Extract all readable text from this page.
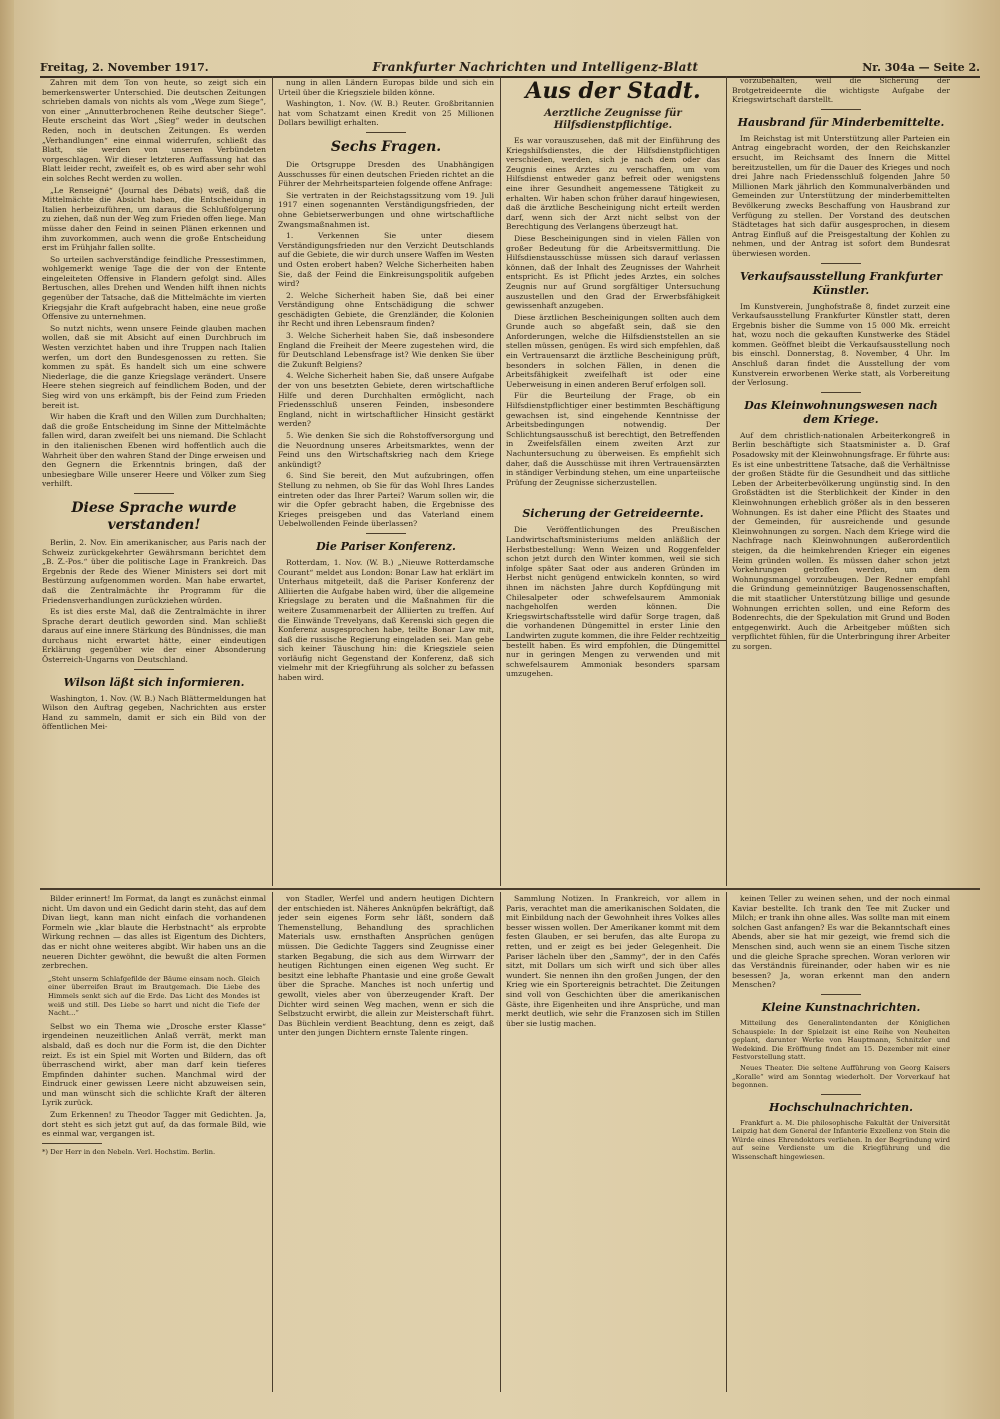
Freitag, 2. November 1917.	Frankfurter Nachrichten und Intelligenz-Blatt	Nr. 304a — Seite 2.

Zahren mit dem Ton von heute, so zeigt sich ein bemerkenswerter Unterschied. Die deutschen Zeitungen schrieben damals von nichts als vom „Wege zum Siege“, von einer „Annutterbrochenen Reihe deutscher Siege“. Heute erscheint das Wort „Sieg“ weder in deutschen Reden, noch in deutschen Zeitungen. Es werden „Verhandlungen“ eine einmal widerrufen, schließt das Blatt, sie werden von unseren Verbündeten vorgeschlagen. Wir dieser letzteren Auffassung hat das Blatt leider recht, zweifelt es, ob es wird aber sehr wohl ein solches Recht werden zu wollen.

„Le Renseigné“ (Journal des Débats) weiß, daß die Mittelmächte die Absicht haben, die Entscheidung in Italien herbeizuführen, um daraus die Schlußfolgerung zu ziehen, daß nun der Weg zum Frieden offen liege. Man müsse daher den Feind in seinen Plänen erkennen und ihm zuvorkommen, auch wenn die große Entscheidung erst im Frühjahr fallen sollte.

So urteilen sachverständige feindliche Pressestimmen, wohlgemerkt wenige Tage die der von der Entente eingeleiteten Offensive in Flandern gefolgt sind. Alles Bertuschen, alles Drehen und Wenden hilft ihnen nichts gegenüber der Tatsache, daß die Mittelmächte im vierten Kriegsjahr die Kraft aufgebracht haben, eine neue große Offensive zu unternehmen.

So nutzt nichts, wenn unsere Feinde glauben machen wollen, daß sie mit Absicht auf einen Durchbruch im Westen verzichtet haben und ihre Truppen nach Italien werfen, um dort den Bundesgenossen zu retten. Sie kommen zu spät. Es handelt sich um eine schwere Niederlage, die die ganze Kriegslage verändert. Unsere Heere stehen siegreich auf feindlichem Boden, und der Sieg wird von uns erkämpft, bis der Feind zum Frieden bereit ist.

Wir haben die Kraft und den Willen zum Durchhalten; daß die große Entscheidung im Sinne der Mittelmächte fallen wird, daran zweifelt bei uns niemand. Die Schlacht in den italienischen Ebenen wird hoffentlich auch die Wahrheit über den wahren Stand der Dinge erweisen und den Gegnern die Erkenntnis bringen, daß der unbesiegbare Wille unserer Heere und Völker zum Sieg verhilft.

Diese Sprache wurde verstanden!

Berlin, 2. Nov. Ein amerikanischer, aus Paris nach der Schweiz zurückgekehrter Gewährsmann berichtet dem „B. Z.-Pos.“ über die politische Lage in Frankreich. Das Ergebnis der Rede des Wiener Ministers sei dort mit Bestürzung aufgenommen worden. Man habe erwartet, daß die Zentralmächte ihr Programm für die Friedensverhandlungen zurückziehen würden.

Es ist dies erste Mal, daß die Zentralmächte in ihrer Sprache derart deutlich geworden sind. Man schließt daraus auf eine innere Stärkung des Bündnisses, die man durchaus nicht erwartet hätte, einer eindeutigen Erklärung gegenüber wie der einer Absonderung Österreich-Ungarns von Deutschland.

Wilson läßt sich informieren.

Washington, 1. Nov. (W. B.) Nach Blättermeldungen hat Wilson den Auftrag gegeben, Nachrichten aus erster Hand zu sammeln, damit er sich ein Bild von der öffentlichen Mei-

nung in allen Ländern Europas bilde und sich ein Urteil über die Kriegsziele bilden könne.

Washington, 1. Nov. (W. B.) Reuter. Großbritannien hat vom Schatzamt einen Kredit von 25 Millionen Dollars bewilligt erhalten.

Sechs Fragen.

Die Ortsgruppe Dresden des Unabhängigen Ausschusses für einen deutschen Frieden richtet an die Führer der Mehrheitsparteien folgende offene Anfrage:

Sie vertraten in der Reichstagssitzung vom 19. Juli 1917 einen sogenannten Verständigungsfrieden, der ohne Gebietserwerbungen und ohne wirtschaftliche Zwangsmaßnahmen ist.

1. Verkennen Sie unter diesem Verständigungsfrieden nur den Verzicht Deutschlands auf die Gebiete, die wir durch unsere Waffen im Westen und Osten erobert haben? Welche Sicherheiten haben Sie, daß der Feind die Einkreisungspolitik aufgeben wird?

2. Welche Sicherheit haben Sie, daß bei einer Verständigung ohne Entschädigung die schwer geschädigten Gebiete, die Grenzländer, die Kolonien ihr Recht und ihren Lebensraum finden?

3. Welche Sicherheit haben Sie, daß insbesondere England die Freiheit der Meere zugestehen wird, die für Deutschland Lebensfrage ist? Wie denken Sie über die Zukunft Belgiens?

4. Welche Sicherheit haben Sie, daß unsere Aufgabe der von uns besetzten Gebiete, deren wirtschaftliche Hilfe und deren Durchhalten ermöglicht, nach Friedensschluß unseren Feinden, insbesondere England, nicht in wirtschaftlicher Hinsicht gestärkt werden?

5. Wie denken Sie sich die Rohstoffversorgung und die Neuordnung unseres Arbeitsmarktes, wenn der Feind uns den Wirtschaftskrieg nach dem Kriege ankündigt?

6. Sind Sie bereit, den Mut aufzubringen, offen Stellung zu nehmen, ob Sie für das Wohl Ihres Landes eintreten oder das Ihrer Partei? Warum sollen wir, die wir die Opfer gebracht haben, die Ergebnisse des Krieges preisgeben und das Vaterland einem Uebelwollenden Feinde überlassen?

Die Pariser Konferenz.

Rotterdam, 1. Nov. (W. B.) „Nieuwe Rotterdamsche Courant“ meldet aus London: Bonar Law hat erklärt im Unterhaus mitgeteilt, daß die Pariser Konferenz der Alliierten die Aufgabe haben wird, über die allgemeine Kriegslage zu beraten und die Maßnahmen für die weitere Zusammenarbeit der Alliierten zu treffen. Auf die Einwände Trevelyans, daß Kerenski sich gegen die Konferenz ausgesprochen habe, teilte Bonar Law mit, daß die russische Regierung eingeladen sei. Man gebe sich keiner Täuschung hin: die Kriegsziele seien vorläufig nicht Gegenstand der Konferenz, daß sich vielmehr mit der Kriegführung als solcher zu befassen haben wird.

Aus der Stadt.
Aerztliche Zeugnisse für Hilfsdienstpflichtige.

Es war vorauszusehen, daß mit der Einführung des Kriegshilfsdienstes, die der Hilfsdienstpflichtigen verschieden, werden, sich je nach dem oder das Zeugnis eines Arztes zu verschaffen, um vom Hilfsdienst entweder ganz befreit oder wenigstens eine ihrer Gesundheit angemessene Tätigkeit zu erhalten. Wir haben schon früher darauf hingewiesen, daß die ärztliche Bescheinigung nicht erteilt werden darf, wenn sich der Arzt nicht selbst von der Berechtigung des Verlangens überzeugt hat.

Diese Bescheinigungen sind in vielen Fällen von großer Bedeutung für die Arbeitsvermittlung. Die Hilfsdienstausschüsse müssen sich darauf verlassen können, daß der Inhalt des Zeugnisses der Wahrheit entspricht. Es ist Pflicht jedes Arztes, ein solches Zeugnis nur auf Grund sorgfältiger Untersuchung auszustellen und den Grad der Erwerbsfähigkeit gewissenhaft anzugeben.

Diese ärztlichen Bescheinigungen sollten auch dem Grunde auch so abgefaßt sein, daß sie den Anforderungen, welche die Hilfsdienststellen an sie stellen müssen, genügen. Es wird sich empfehlen, daß ein Vertrauensarzt die ärztliche Bescheinigung prüft, besonders in solchen Fällen, in denen die Arbeitsfähigkeit zweifelhaft ist oder eine Ueberweisung in einen anderen Beruf erfolgen soll.

Für die Beurteilung der Frage, ob ein Hilfsdienstpflichtiger einer bestimmten Beschäftigung gewachsen ist, sind eingehende Kenntnisse der Arbeitsbedingungen notwendig. Der Schlichtungsausschuß ist berechtigt, den Betreffenden in Zweifelsfällen einem zweiten Arzt zur Nachuntersuchung zu überweisen. Es empfiehlt sich daher, daß die Ausschüsse mit ihren Vertrauensärzten in ständiger Verbindung stehen, um eine unparteiische Prüfung der Zeugnisse sicherzustellen.

Sicherung der Getreideernte.

Die Veröffentlichungen des Preußischen Landwirtschaftsministeriums melden anläßlich der Herbstbestellung: Wenn Weizen und Roggenfelder schon jetzt durch den Winter kommen, weil sie sich infolge später Saat oder aus anderen Gründen im Herbst nicht genügend entwickeln konnten, so wird ihnen im nächsten Jahre durch Kopfdüngung mit Chilesalpeter oder schwefelsaurem Ammoniak nachgeholfen werden können. Die Kriegswirtschaftsstelle wird dafür Sorge tragen, daß die vorhandenen Düngemittel in erster Linie den Landwirten zugute kommen, die ihre Felder rechtzeitig bestellt haben. Es wird empfohlen, die Düngemittel nur in geringen Mengen zu verwenden und mit schwefelsaurem Ammoniak besonders sparsam umzugehen.

vorzubehalten, weil die Sicherung der Brotgetreideernte die wichtigste Aufgabe der Kriegswirtschaft darstellt.

Hausbrand für Minderbemittelte.

Im Reichstag ist mit Unterstützung aller Parteien ein Antrag eingebracht worden, der den Reichskanzler ersucht, im Reichsamt des Innern die Mittel bereitzustellen, um für die Dauer des Krieges und noch drei Jahre nach Friedensschluß folgenden Jahre 50 Millionen Mark jährlich den Kommunalverbänden und Gemeinden zur Unterstützung der minderbemittelten Bevölkerung zwecks Beschaffung von Hausbrand zur Verfügung zu stellen. Der Vorstand des deutschen Städtetages hat sich dafür ausgesprochen, in diesem Antrag Einfluß auf die Preisgestaltung der Kohlen zu nehmen, und der Antrag ist sofort dem Bundesrat überwiesen worden.

Verkaufsausstellung Frankfurter Künstler.

Im Kunstverein, Junghofstraße 8, findet zurzeit eine Verkaufsausstellung Frankfurter Künstler statt, deren Ergebnis bisher die Summe von 15 000 Mk. erreicht hat, wozu noch die gekauften Kunstwerke des Städel kommen. Geöffnet bleibt die Verkaufsausstellung noch bis einschl. Donnerstag, 8. November, 4 Uhr. Im Anschluß daran findet die Ausstellung der vom Kunstverein erworbenen Werke statt, als Vorbereitung der Verlosung.

Das Kleinwohnungswesen nach dem Kriege.

Auf dem christlich-nationalen Arbeiterkongreß in Berlin beschäftigte sich Staatsminister a. D. Graf Posadowsky mit der Kleinwohnungsfrage. Er führte aus: Es ist eine unbestrittene Tatsache, daß die Verhältnisse der großen Städte für die Gesundheit und das sittliche Leben der Arbeiterbevölkerung ungünstig sind. In den Großstädten ist die Sterblichkeit der Kinder in den Kleinwohnungen erheblich größer als in den besseren Wohnungen. Es ist daher eine Pflicht des Staates und der Gemeinden, für ausreichende und gesunde Kleinwohnungen zu sorgen. Nach dem Kriege wird die Nachfrage nach Kleinwohnungen außerordentlich steigen, da die heimkehrenden Krieger ein eigenes Heim gründen wollen. Es müssen daher schon jetzt Vorkehrungen getroffen werden, um dem Wohnungsmangel vorzubeugen. Der Redner empfahl die Gründung gemeinnütziger Baugenossenschaften, die mit staatlicher Unterstützung billige und gesunde Wohnungen errichten sollen, und eine Reform des Bodenrechts, die der Spekulation mit Grund und Boden entgegenwirkt. Auch die Arbeitgeber müßten sich verpflichtet fühlen, für die Unterbringung ihrer Arbeiter zu sorgen.

Bilder erinnert! Im Format, da langt es zunächst einmal nicht. Um davon und ein Gedicht darin steht, das auf dem Divan liegt, kann man nicht einfach die vorhandenen Formeln wie „klar blaute die Herbstnacht“ als erprobte Wirkung rechnen — das alles ist Eigentum des Dichters, das er nicht ohne weiteres abgibt. Wir haben uns an die neueren Dichter gewöhnt, die bewußt die alten Formen zerbrechen.

„Steht unserm Schlafgefilde der Bäume einsam noch. Gleich einer überreifen Braut im Brautgemach. Die Liebe des Himmels senkt sich auf die Erde. Das Licht des Mondes ist weiß und still. Des Liebe so harrt und nicht die Tiefe der Nacht...“

Selbst wo ein Thema wie „Drosche erster Klasse“ irgendeinen neuzeitlichen Anlaß verrät, merkt man alsbald, daß es doch nur die Form ist, die den Dichter reizt. Es ist ein Spiel mit Worten und Bildern, das oft überraschend wirkt, aber man darf kein tieferes Empfinden dahinter suchen. Manchmal wird der Eindruck einer gewissen Leere nicht abzuweisen sein, und man wünscht sich die schlichte Kraft der älteren Lyrik zurück.

Zum Erkennen! zu Theodor Tagger mit Gedichten. Ja, dort steht es sich jetzt gut auf, da das formale Bild, wie es einmal war, vergangen ist.

*) Der Herr in den Nebeln. Verl. Hochstim. Berlin.

von Stadler, Werfel und andern heutigen Dichtern der entschieden ist. Näheres Anknüpfen bekräftigt, daß jeder sein eigenes Form sehr läßt, sondern daß Themenstellung, Behandlung des sprachlichen Materials usw. ernsthaften Ansprüchen genügen müssen. Die Gedichte Taggers sind Zeugnisse einer starken Begabung, die sich aus dem Wirrwarr der heutigen Richtungen einen eigenen Weg sucht. Er besitzt eine lebhafte Phantasie und eine große Gewalt über die Sprache. Manches ist noch unfertig und gewollt, vieles aber von überzeugender Kraft. Der Dichter wird seinen Weg machen, wenn er sich die Selbstzucht erwirbt, die allein zur Meisterschaft führt. Das Büchlein verdient Beachtung, denn es zeigt, daß unter den jungen Dichtern ernste Talente ringen.

Sammlung Notizen. In Frankreich, vor allem in Paris, verachtet man die amerikanischen Soldaten, die mit Einbildung nach der Gewohnheit ihres Volkes alles besser wissen wollen. Der Amerikaner kommt mit dem festen Glauben, er sei berufen, das alte Europa zu retten, und er zeigt es bei jeder Gelegenheit. Die Pariser lächeln über den „Sammy“, der in den Cafés sitzt, mit Dollars um sich wirft und sich über alles wundert. Sie nennen ihn den großen Jungen, der den Krieg wie ein Sportereignis betrachtet. Die Zeitungen sind voll von Geschichten über die amerikanischen Gäste, ihre Eigenheiten und ihre Ansprüche, und man merkt deutlich, wie sehr die Franzosen sich im Stillen über sie lustig machen.

keinen Teller zu weinen sehen, und der noch einmal Kaviar bestellte. Ich trank den Tee mit Zucker und Milch; er trank ihn ohne alles. Was sollte man mit einem solchen Gast anfangen? Es war die Bekanntschaft eines Abends, aber sie hat mir gezeigt, wie fremd sich die Menschen sind, auch wenn sie an einem Tische sitzen und die gleiche Sprache sprechen. Woran verloren wir das Verständnis füreinander, oder haben wir es nie besessen? Ja, woran erkennt man den andern Menschen?

Kleine Kunstnachrichten.

Mitteilung des Generalintendanten der Königlichen Schauspiele: In der Spielzeit ist eine Reihe von Neuheiten geplant, darunter Werke von Hauptmann, Schnitzler und Wedekind. Die Eröffnung findet am 15. Dezember mit einer Festvorstellung statt.

Neues Theater. Die seltene Aufführung von Georg Kaisers „Koralle“ wird am Sonntag wiederholt. Der Vorverkauf hat begonnen.

Hochschulnachrichten.

Frankfurt a. M. Die philosophische Fakultät der Universität Leipzig hat dem General der Infanterie Exzellenz von Stein die Würde eines Ehrendoktors verliehen. In der Begründung wird auf seine Verdienste um die Kriegführung und die Wissenschaft hingewiesen.
